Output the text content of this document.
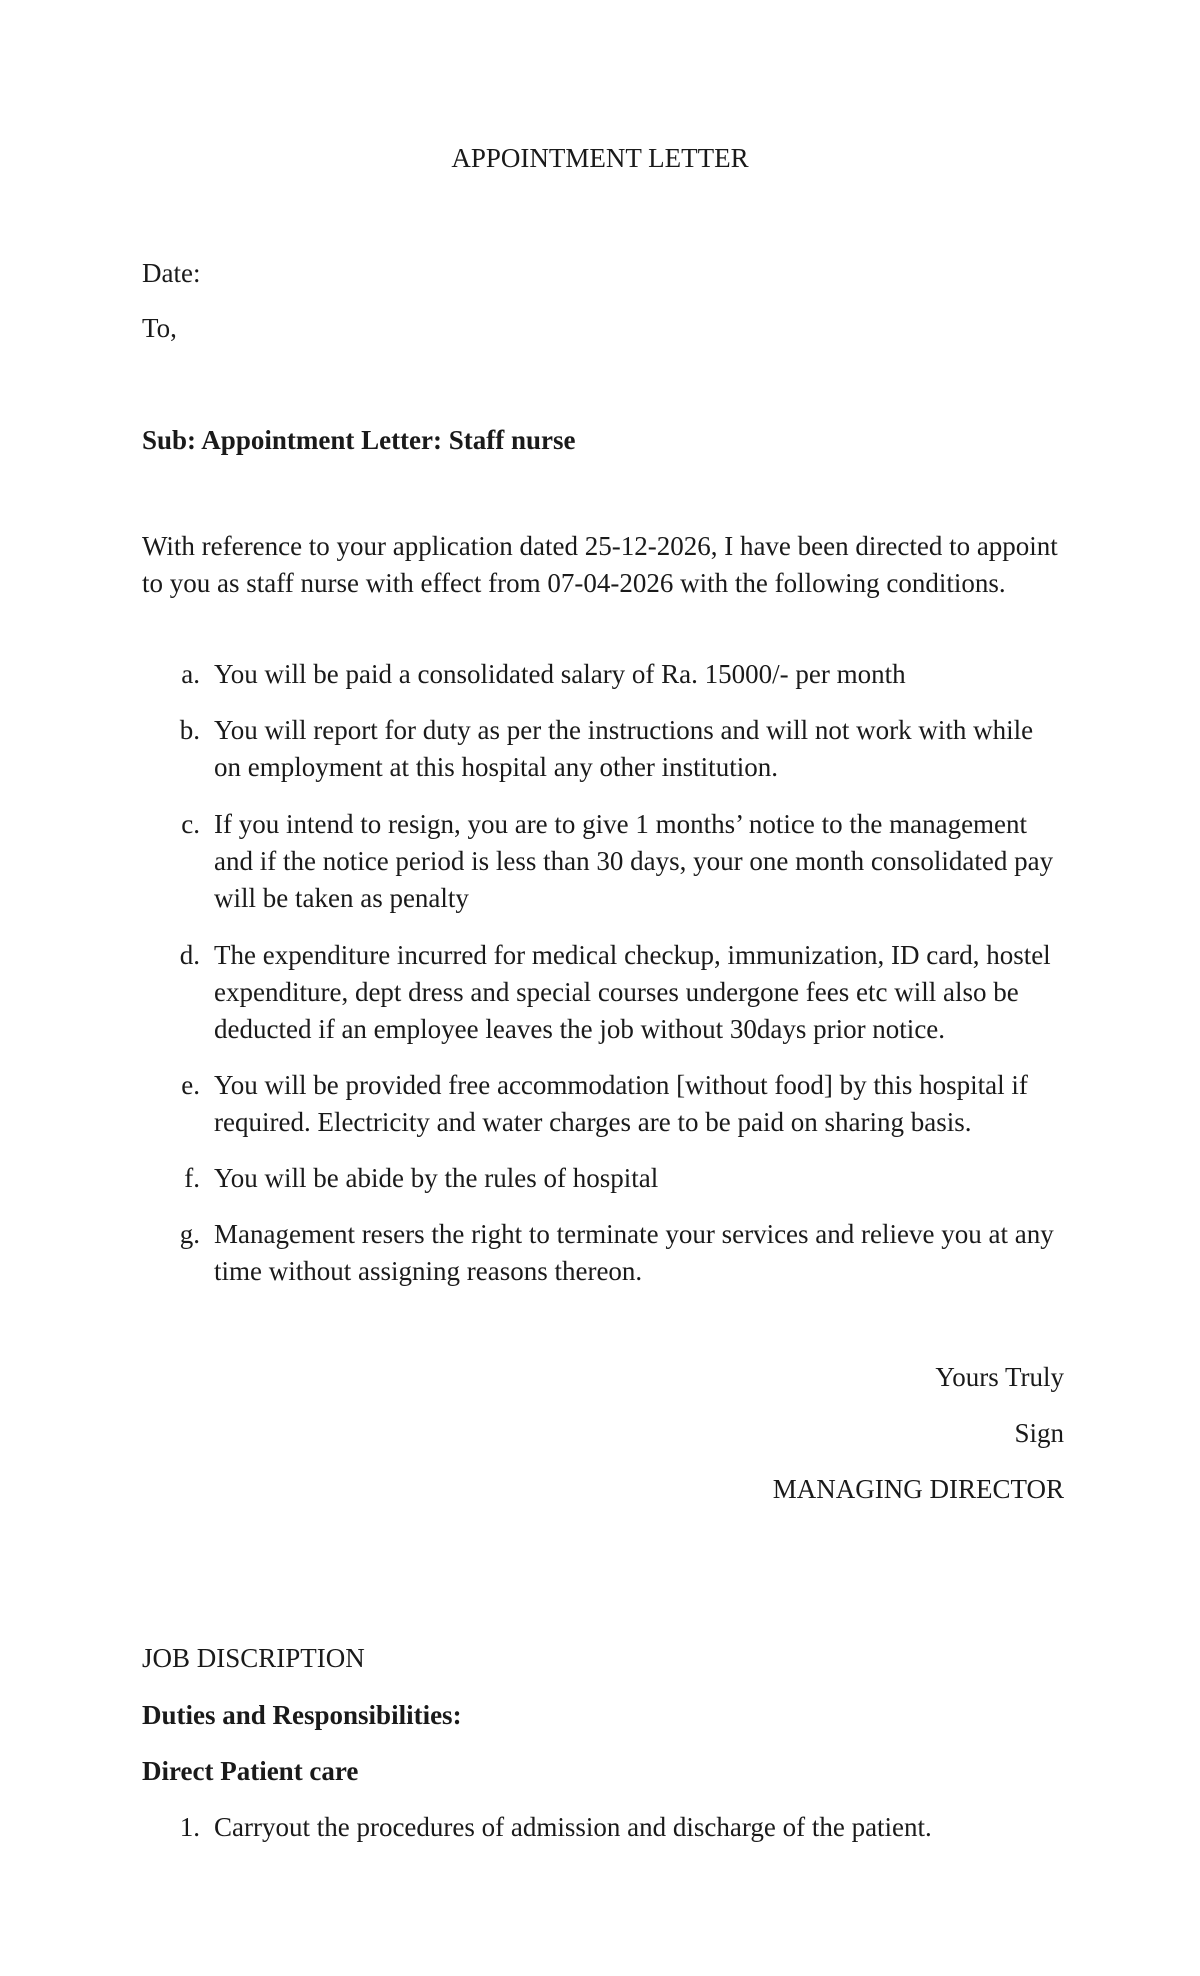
APPOINTMENT LETTER
Date:
To,
Sub: Appointment Letter: Staff nurse
With reference to your application dated 25-12-2026, I have been directed to appoint to you as staff nurse with effect from 07-04-2026 with the following conditions.
a. You will be paid a consolidated salary of Ra. 15000/- per month
b. You will report for duty as per the instructions and will not work with while on employment at this hospital any other institution.
c. If you intend to resign, you are to give 1 months’ notice to the management and if the notice period is less than 30 days, your one month consolidated pay will be taken as penalty
d. The expenditure incurred for medical checkup, immunization, ID card, hostel expenditure, dept dress and special courses undergone fees etc will also be deducted if an employee leaves the job without 30days prior notice.
e. You will be provided free accommodation [without food] by this hospital if required. Electricity and water charges are to be paid on sharing basis.
f. You will be abide by the rules of hospital
g. Management resers the right to terminate your services and relieve you at any time without assigning reasons thereon.
Yours Truly
Sign
MANAGING DIRECTOR
JOB DISCRIPTION
Duties and Responsibilities:
Direct Patient care
1. Carryout the procedures of admission and discharge of the patient.
